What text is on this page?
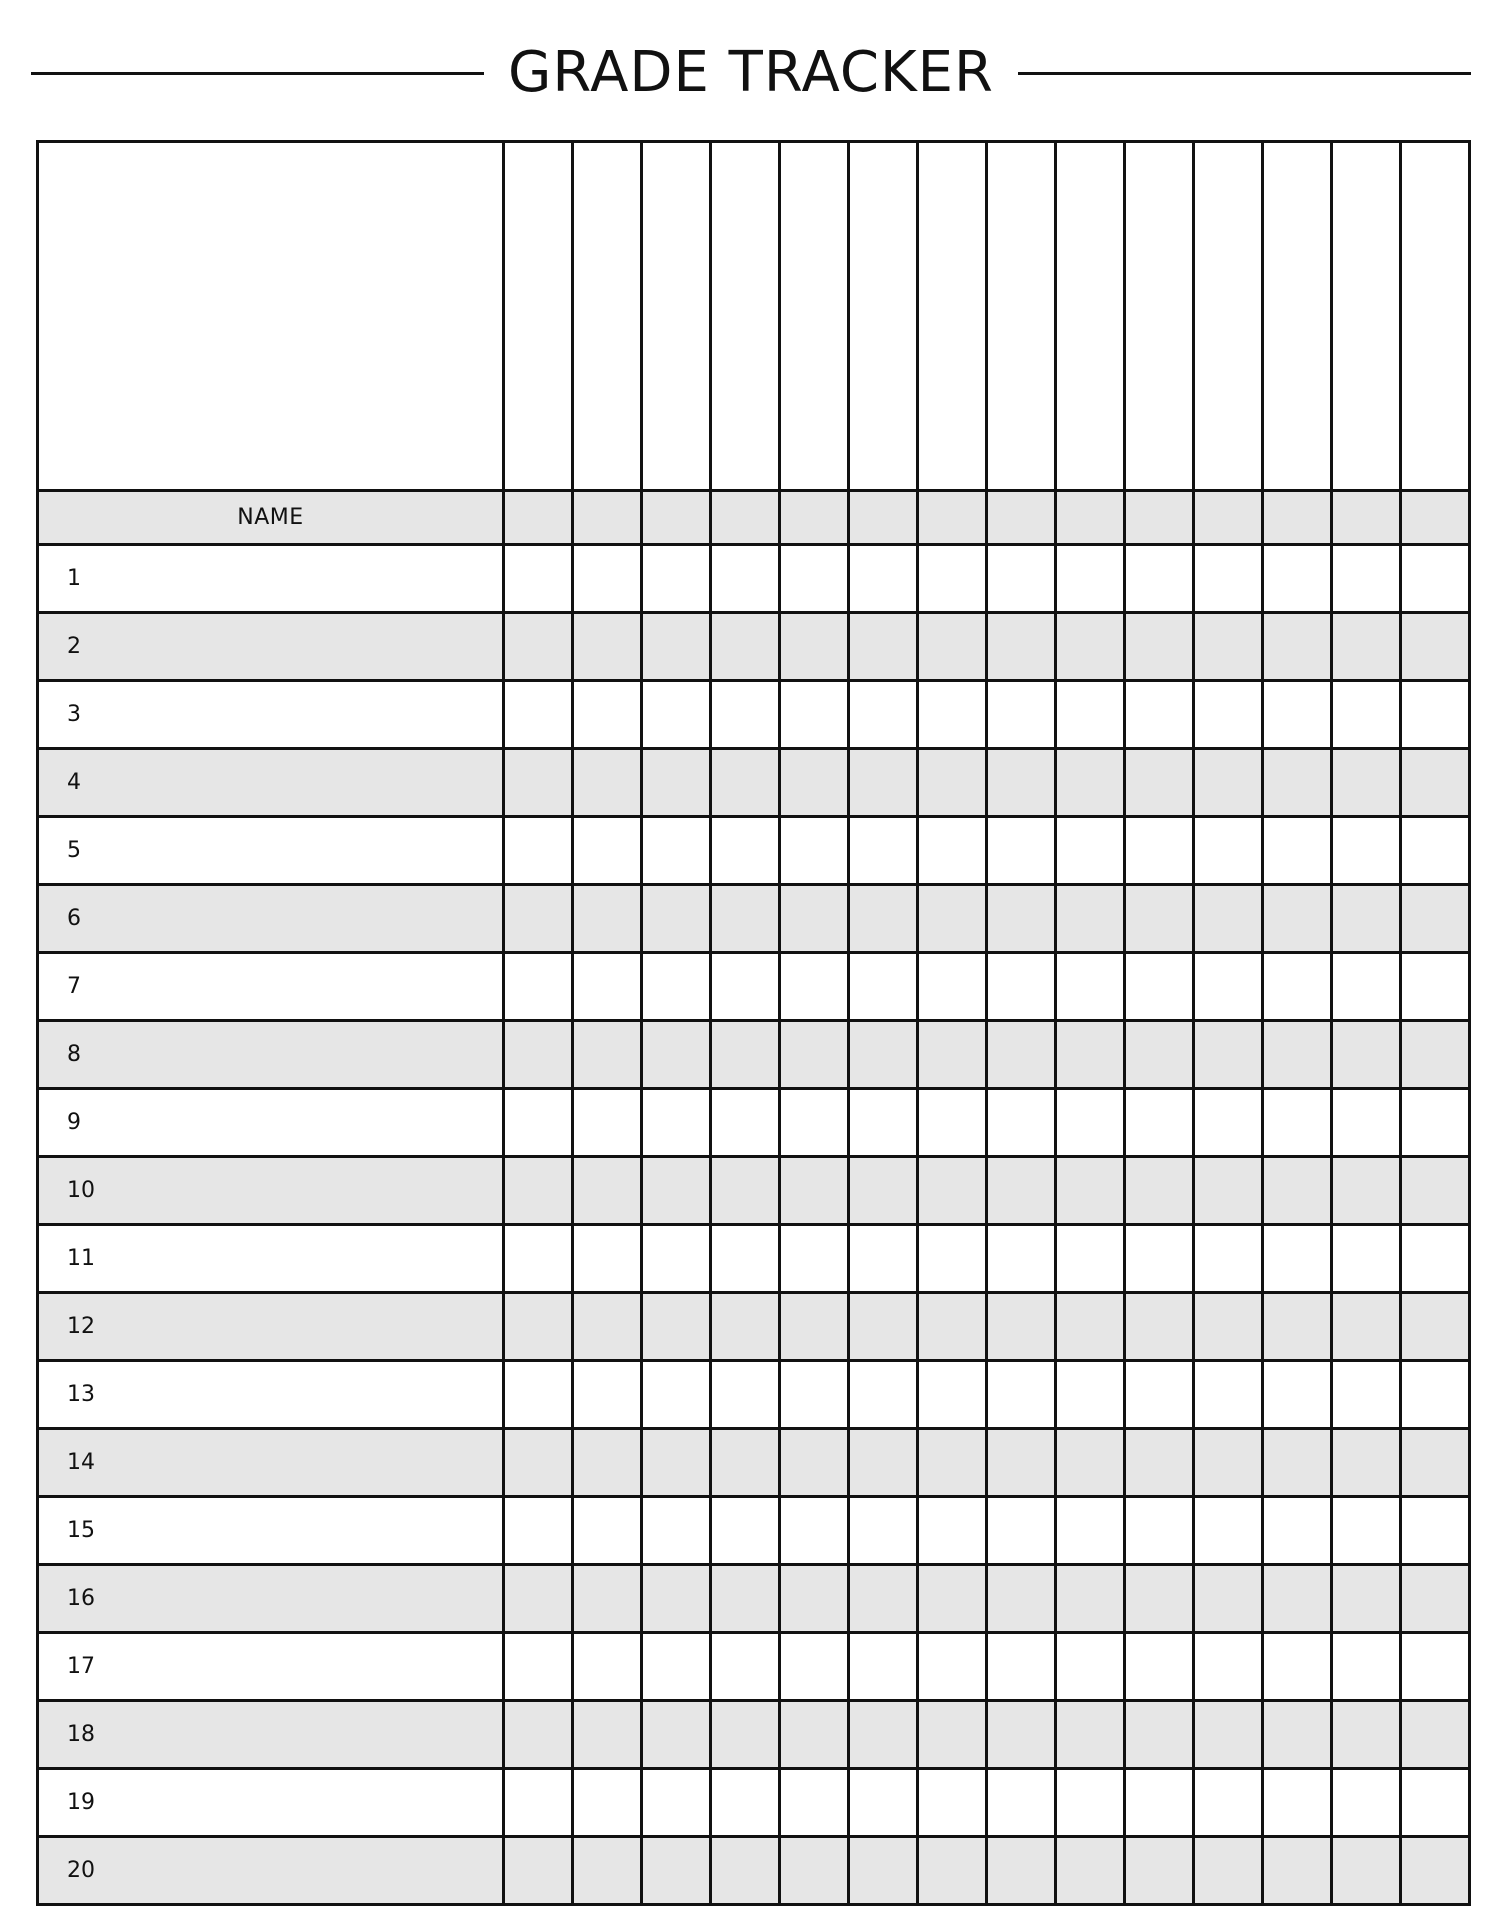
GRADE TRACKER

NAME														
1														
2														
3														
4														
5														
6														
7														
8														
9														
10														
11														
12														
13														
14														
15														
16														
17														
18														
19														
20														
